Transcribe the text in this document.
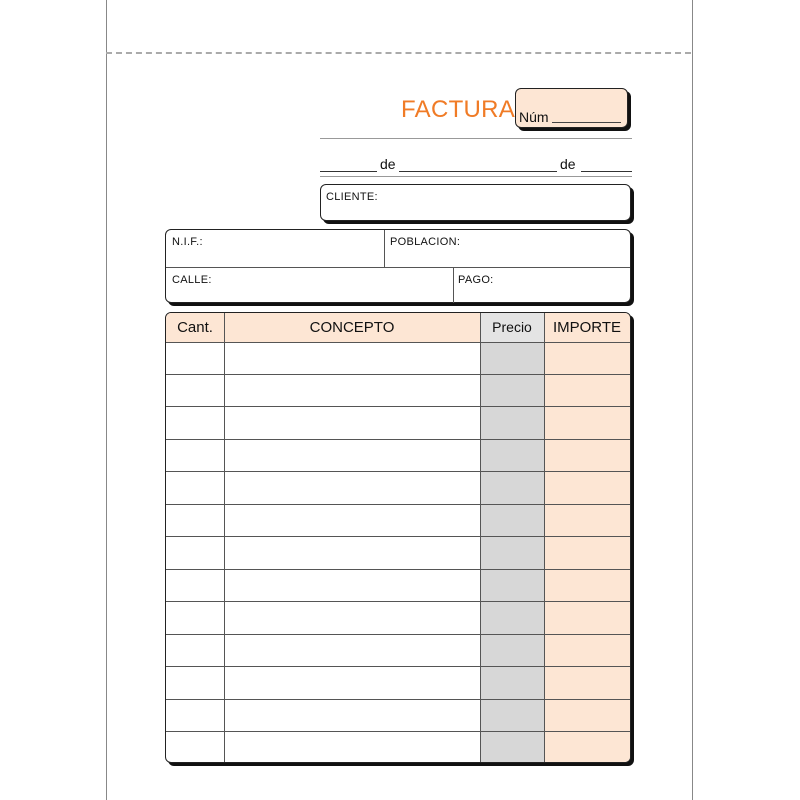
FACTURA Núm
de	de
CLIENTE:
N.I.F.:	POBLACION:
CALLE:	PAGO:
Cant.	CONCEPTO	Precio	IMPORTE
